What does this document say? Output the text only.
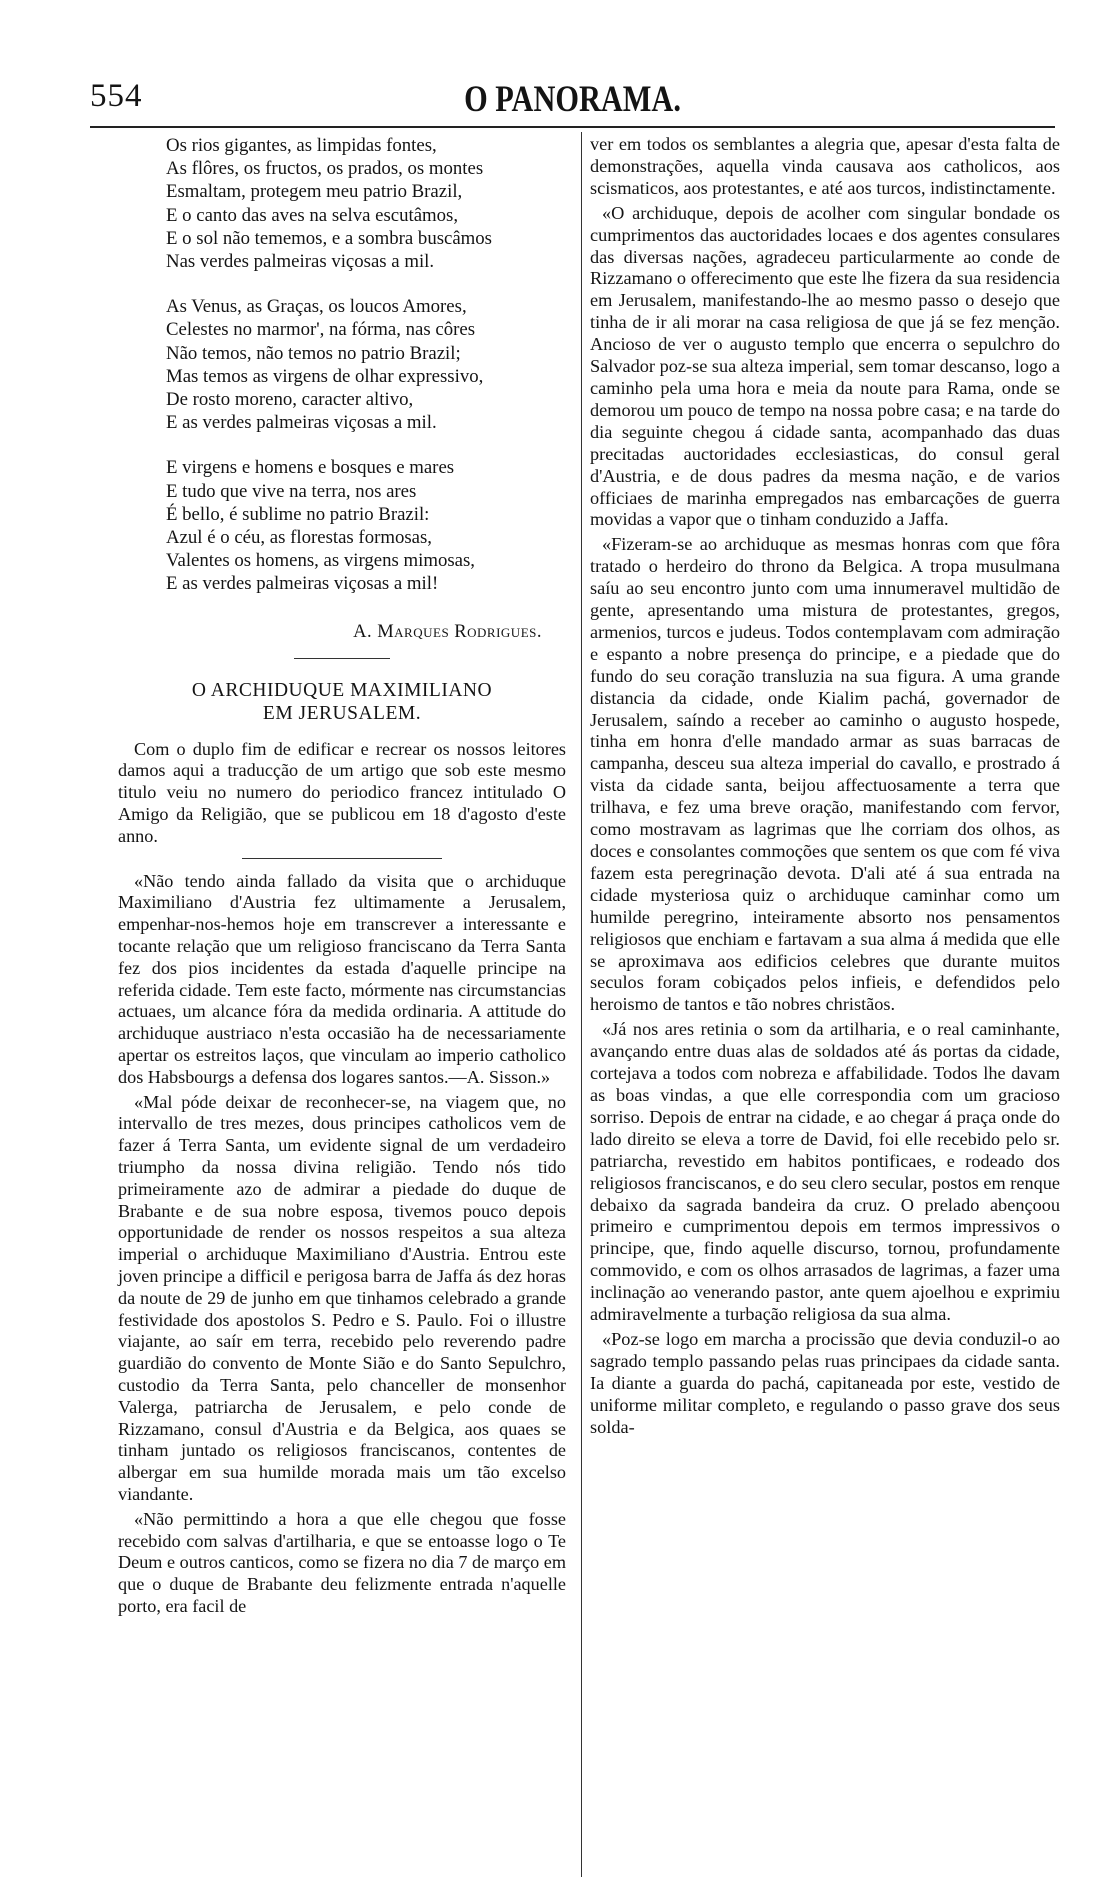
554	O PANORAMA.
Os rios gigantes, as limpidas fontes,
As flôres, os fructos, os prados, os montes
Esmaltam, protegem meu patrio Brazil,
E o canto das aves na selva escutâmos,
E o sol não tememos, e a sombra buscâmos
Nas verdes palmeiras viçosas a mil.
As Venus, as Graças, os loucos Amores,
Celestes no marmor', na fórma, nas côres
Não temos, não temos no patrio Brazil;
Mas temos as virgens de olhar expressivo,
De rosto moreno, caracter altivo,
E as verdes palmeiras viçosas a mil.
E virgens e homens e bosques e mares
E tudo que vive na terra, nos ares
É bello, é sublime no patrio Brazil:
Azul é o céu, as florestas formosas,
Valentes os homens, as virgens mimosas,
E as verdes palmeiras viçosas a mil!
A. Marques Rodrigues.
O ARCHIDUQUE MAXIMILIANO
EM JERUSALEM.

Com o duplo fim de edificar e recrear os nossos leitores damos aqui a traducção de um artigo que sob este mesmo titulo veiu no numero do periodico francez intitulado O Amigo da Religião, que se publicou em 18 d'agosto d'este anno.

«Não tendo ainda fallado da visita que o archiduque Maximiliano d'Austria fez ultimamente a Jerusalem, empenhar-nos-hemos hoje em transcrever a interessante e tocante relação que um religioso franciscano da Terra Santa fez dos pios incidentes da estada d'aquelle principe na referida cidade. Tem este facto, mórmente nas circumstancias actuaes, um alcance fóra da medida ordinaria. A attitude do archiduque austriaco n'esta occasião ha de necessariamente apertar os estreitos laços, que vinculam ao imperio catholico dos Habsbourgs a defensa dos logares santos.—A. Sisson.»

«Mal póde deixar de reconhecer-se, na viagem que, no intervallo de tres mezes, dous principes catholicos vem de fazer á Terra Santa, um evidente signal de um verdadeiro triumpho da nossa divina religião. Tendo nós tido primeiramente azo de admirar a piedade do duque de Brabante e de sua nobre esposa, tivemos pouco depois opportunidade de render os nossos respeitos a sua alteza imperial o archiduque Maximiliano d'Austria. Entrou este joven principe a difficil e perigosa barra de Jaffa ás dez horas da noute de 29 de junho em que tinhamos celebrado a grande festividade dos apostolos S. Pedro e S. Paulo. Foi o illustre viajante, ao saír em terra, recebido pelo reverendo padre guardião do convento de Monte Sião e do Santo Sepulchro, custodio da Terra Santa, pelo chanceller de monsenhor Valerga, patriarcha de Jerusalem, e pelo conde de Rizzamano, consul d'Austria e da Belgica, aos quaes se tinham juntado os religiosos franciscanos, contentes de albergar em sua humilde morada mais um tão excelso viandante.

«Não permittindo a hora a que elle chegou que fosse recebido com salvas d'artilharia, e que se entoasse logo o Te Deum e outros canticos, como se fizera no dia 7 de março em que o duque de Brabante deu felizmente entrada n'aquelle porto, era facil de

ver em todos os semblantes a alegria que, apesar d'esta falta de demonstrações, aquella vinda causava aos catholicos, aos scismaticos, aos protestantes, e até aos turcos, indistinctamente.

«O archiduque, depois de acolher com singular bondade os cumprimentos das auctoridades locaes e dos agentes consulares das diversas nações, agradeceu particularmente ao conde de Rizzamano o offerecimento que este lhe fizera da sua residencia em Jerusalem, manifestando-lhe ao mesmo passo o desejo que tinha de ir ali morar na casa religiosa de que já se fez menção. Ancioso de ver o augusto templo que encerra o sepulchro do Salvador poz-se sua alteza imperial, sem tomar descanso, logo a caminho pela uma hora e meia da noute para Rama, onde se demorou um pouco de tempo na nossa pobre casa; e na tarde do dia seguinte chegou á cidade santa, acompanhado das duas precitadas auctoridades ecclesiasticas, do consul geral d'Austria, e de dous padres da mesma nação, e de varios officiaes de marinha empregados nas embarcações de guerra movidas a vapor que o tinham conduzido a Jaffa.

«Fizeram-se ao archiduque as mesmas honras com que fôra tratado o herdeiro do throno da Belgica. A tropa musulmana saíu ao seu encontro junto com uma innumeravel multidão de gente, apresentando uma mistura de protestantes, gregos, armenios, turcos e judeus. Todos contemplavam com admiração e espanto a nobre presença do principe, e a piedade que do fundo do seu coração transluzia na sua figura. A uma grande distancia da cidade, onde Kialim pachá, governador de Jerusalem, saíndo a receber ao caminho o augusto hospede, tinha em honra d'elle mandado armar as suas barracas de campanha, desceu sua alteza imperial do cavallo, e prostrado á vista da cidade santa, beijou affectuosamente a terra que trilhava, e fez uma breve oração, manifestando com fervor, como mostravam as lagrimas que lhe corriam dos olhos, as doces e consolantes commoções que sentem os que com fé viva fazem esta peregrinação devota. D'ali até á sua entrada na cidade mysteriosa quiz o archiduque caminhar como um humilde peregrino, inteiramente absorto nos pensamentos religiosos que enchiam e fartavam a sua alma á medida que elle se aproximava aos edificios celebres que durante muitos seculos foram cobiçados pelos infieis, e defendidos pelo heroismo de tantos e tão nobres christãos.

«Já nos ares retinia o som da artilharia, e o real caminhante, avançando entre duas alas de soldados até ás portas da cidade, cortejava a todos com nobreza e affabilidade. Todos lhe davam as boas vindas, a que elle correspondia com um gracioso sorriso. Depois de entrar na cidade, e ao chegar á praça onde do lado direito se eleva a torre de David, foi elle recebido pelo sr. patriarcha, revestido em habitos pontificaes, e rodeado dos religiosos franciscanos, e do seu clero secular, postos em renque debaixo da sagrada bandeira da cruz. O prelado abençoou primeiro e cumprimentou depois em termos impressivos o principe, que, findo aquelle discurso, tornou, profundamente commovido, e com os olhos arrasados de lagrimas, a fazer uma inclinação ao venerando pastor, ante quem ajoelhou e exprimiu admiravelmente a turbação religiosa da sua alma.

«Poz-se logo em marcha a procissão que devia conduzil-o ao sagrado templo passando pelas ruas principaes da cidade santa. Ia diante a guarda do pachá, capitaneada por este, vestido de uniforme militar completo, e regulando o passo grave dos seus solda-
